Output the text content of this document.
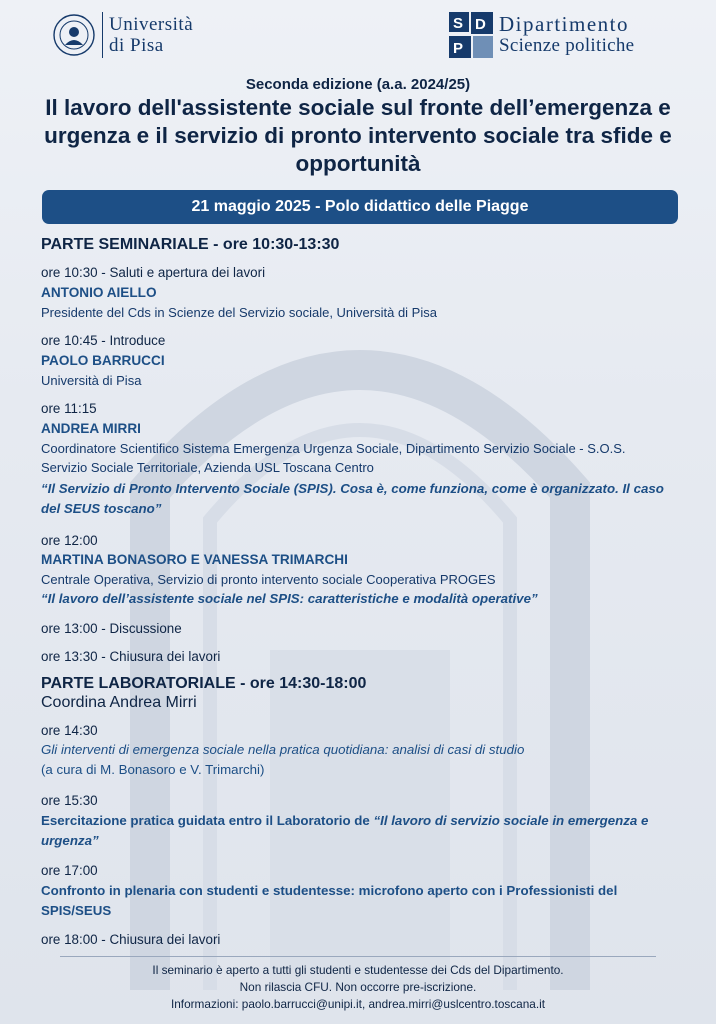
Università
di Pisa
S D
P
Dipartimento
Scienze politiche
Seconda edizione (a.a. 2024/25)
Il lavoro dell'assistente sociale sul fronte dell’emergenza e urgenza e il servizio di pronto intervento sociale tra sfide e opportunità
21 maggio 2025 - Polo didattico delle Piagge
PARTE SEMINARIALE - ore 10:30-13:30
ore 10:30 - Saluti e apertura dei lavori
ANTONIO AIELLO
Presidente del Cds in Scienze del Servizio sociale, Università di Pisa
ore 10:45 - Introduce
PAOLO BARRUCCI
Università di Pisa
ore 11:15
ANDREA MIRRI
Coordinatore Scientifico Sistema Emergenza Urgenza Sociale, Dipartimento Servizio Sociale - S.O.S. Servizio Sociale Territoriale, Azienda USL Toscana Centro
“Il Servizio di Pronto Intervento Sociale (SPIS). Cosa è, come funziona, come è organizzato. Il caso del SEUS toscano”
ore 12:00
MARTINA BONASORO E VANESSA TRIMARCHI
Centrale Operativa, Servizio di pronto intervento sociale Cooperativa PROGES
“Il lavoro dell’assistente sociale nel SPIS: caratteristiche e modalità operative”
ore 13:00 - Discussione
ore 13:30 - Chiusura dei lavori
PARTE LABORATORIALE - ore 14:30-18:00
Coordina Andrea Mirri
ore 14:30
Gli interventi di emergenza sociale nella pratica quotidiana: analisi di casi di studio
(a cura di M. Bonasoro e V. Trimarchi)
ore 15:30
Esercitazione pratica guidata entro il Laboratorio de “Il lavoro di servizio sociale in emergenza e urgenza”
ore 17:00
Confronto in plenaria con studenti e studentesse: microfono aperto con i Professionisti del SPIS/SEUS
ore 18:00 - Chiusura dei lavori
Il seminario è aperto a tutti gli studenti e studentesse dei Cds del Dipartimento.
Non rilascia CFU. Non occorre pre-iscrizione.
Informazioni: paolo.barrucci@unipi.it, andrea.mirri@uslcentro.toscana.it
